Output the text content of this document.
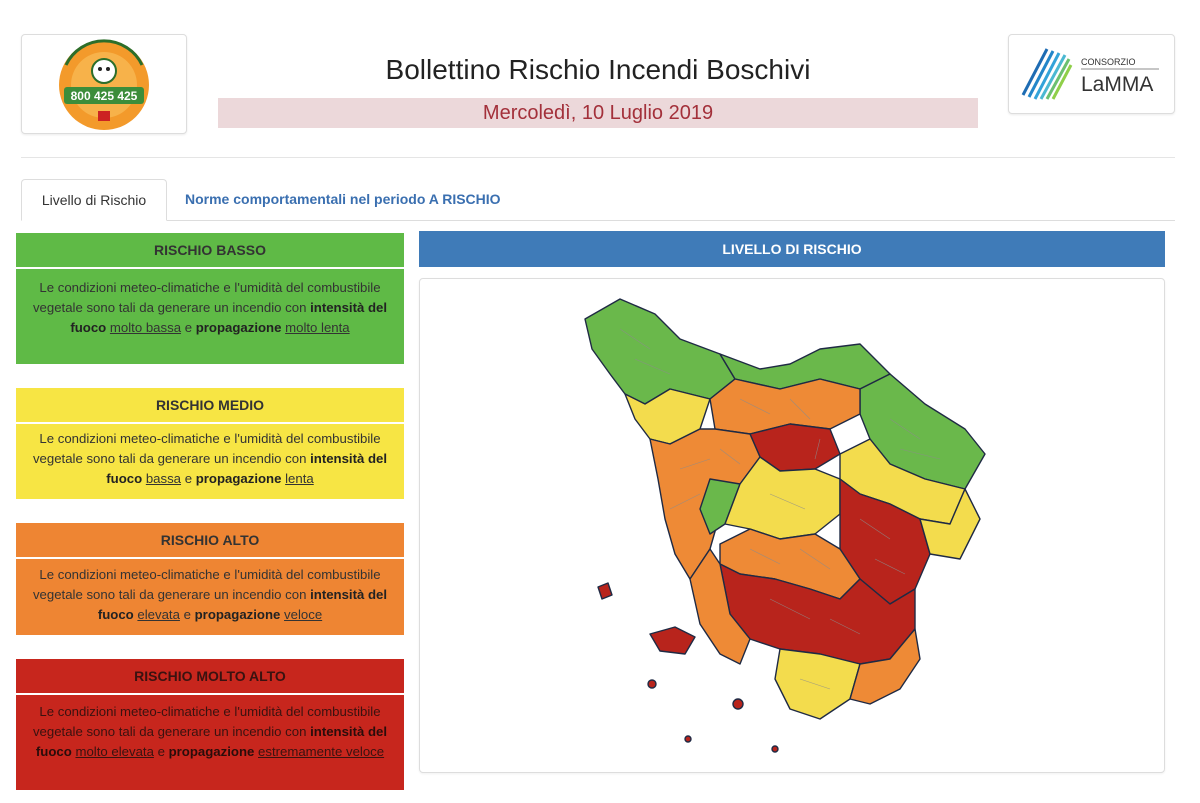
800 425 425
Bollettino Rischio Incendi Boschivi
Mercoledì, 10 Luglio 2019
CONSORZIO
LaMMA
Livello di Rischio	Norme comportamentali nel periodo A RISCHIO
RISCHIO BASSO
Le condizioni meteo-climatiche e l'umidità del combustibile vegetale sono tali da generare un incendio con intensità del fuoco molto bassa e propagazione molto lenta
RISCHIO MEDIO
Le condizioni meteo-climatiche e l'umidità del combustibile vegetale sono tali da generare un incendio con intensità del fuoco bassa e propagazione lenta
RISCHIO ALTO
Le condizioni meteo-climatiche e l'umidità del combustibile vegetale sono tali da generare un incendio con intensità del fuoco elevata e propagazione veloce
RISCHIO MOLTO ALTO
Le condizioni meteo-climatiche e l'umidità del combustibile vegetale sono tali da generare un incendio con intensità del fuoco molto elevata e propagazione estremamente veloce
LIVELLO DI RISCHIO
